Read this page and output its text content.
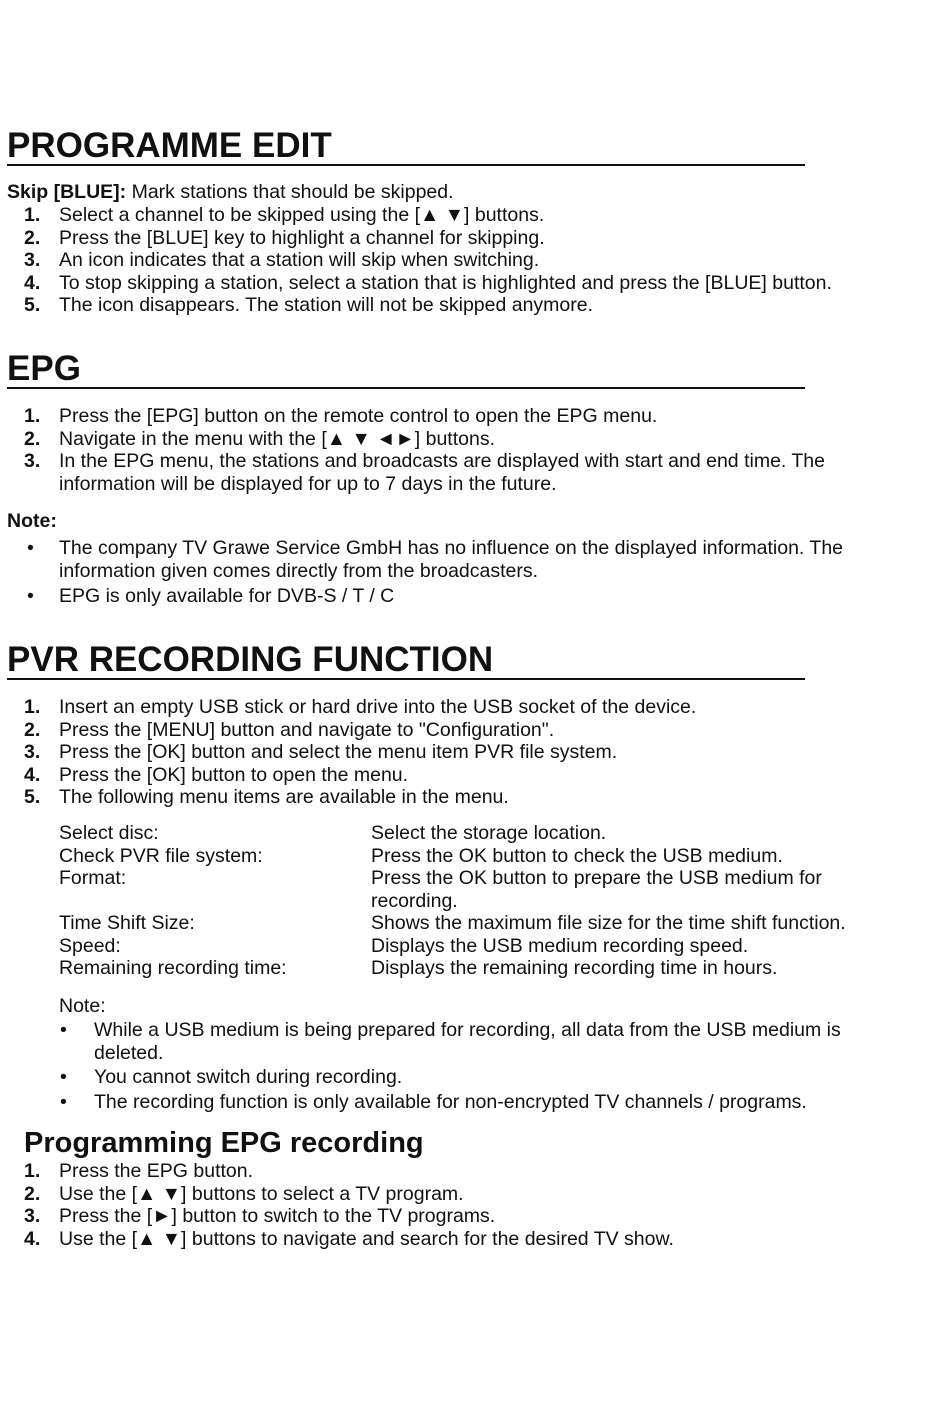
PROGRAMME EDIT
Skip [BLUE]: Mark stations that should be skipped.
1. Select a channel to be skipped using the [▲ ▼] buttons.
2. Press the [BLUE] key to highlight a channel for skipping.
3. An icon indicates that a station will skip when switching.
4. To stop skipping a station, select a station that is highlighted and press the [BLUE] button.
5. The icon disappears. The station will not be skipped anymore.
EPG
1. Press the [EPG] button on the remote control to open the EPG menu.
2. Navigate in the menu with the [▲ ▼ ◄►] buttons.
3. In the EPG menu, the stations and broadcasts are displayed with start and end time. The information will be displayed for up to 7 days in the future.
Note:
• The company TV Grawe Service GmbH has no influence on the displayed information. The information given comes directly from the broadcasters.
• EPG is only available for DVB-S / T / C
PVR RECORDING FUNCTION
1. Insert an empty USB stick or hard drive into the USB socket of the device.
2. Press the [MENU] button and navigate to "Configuration".
3. Press the [OK] button and select the menu item PVR file system.
4. Press the [OK] button to open the menu.
5. The following menu items are available in the menu.
Select disc:	Select the storage location.
Check PVR file system:	Press the OK button to check the USB medium.
Format:	Press the OK button to prepare the USB medium for recording.
Time Shift Size:	Shows the maximum file size for the time shift function.
Speed:	Displays the USB medium recording speed.
Remaining recording time:	Displays the remaining recording time in hours.
Note:
• While a USB medium is being prepared for recording, all data from the USB medium is deleted.
• You cannot switch during recording.
• The recording function is only available for non-encrypted TV channels / programs.
Programming EPG recording
1. Press the EPG button.
2. Use the [▲ ▼] buttons to select a TV program.
3. Press the [►] button to switch to the TV programs.
4. Use the [▲ ▼] buttons to navigate and search for the desired TV show.
